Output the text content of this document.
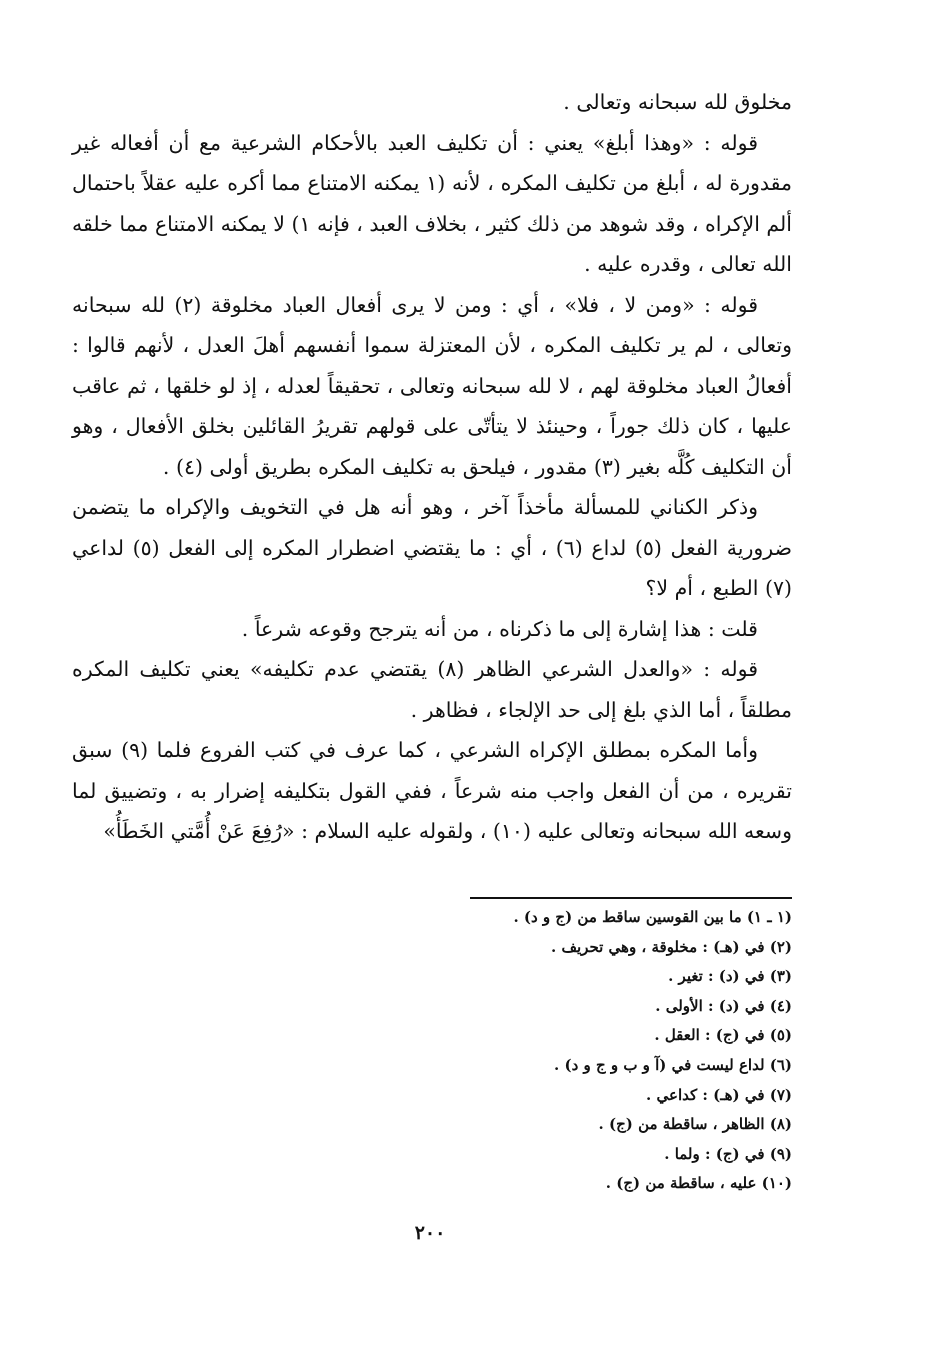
مخلوق لله سبحانه وتعالى .

قوله : «وهذا أبلغ» يعني : أن تكليف العبد بالأحكام الشرعية مع أن أفعاله غير مقدورة له ، أبلغ من تكليف المكره ، لأنه (١ يمكنه الامتناع مما أكره عليه عقلاً باحتمال ألم الإكراه ، وقد شوهد من ذلك كثير ، بخلاف العبد ، فإنه ١) لا يمكنه الامتناع مما خلقه الله تعالى ، وقدره عليه .

قوله : «ومن لا ، فلا» ، أي : ومن لا يرى أفعال العباد مخلوقة (٢) لله سبحانه وتعالى ، لم ير تكليف المكره ، لأن المعتزلة سموا أنفسهم أهلَ العدل ، لأنهم قالوا : أفعالُ العباد مخلوقة لهم ، لا لله سبحانه وتعالى ، تحقيقاً لعدله ، إذ لو خلقها ، ثم عاقب عليها ، كان ذلك جوراً ، وحينئذ لا يتأتّى على قولهم تقريرُ القائلين بخلق الأفعال ، وهو أن التكليف كُلَّه بغير (٣) مقدور ، فيلحق به تكليف المكره بطريق أولى (٤) .

وذكر الكناني للمسألة مأخذاً آخر ، وهو أنه هل في التخويف والإكراه ما يتضمن ضرورية الفعل (٥) لداع (٦) ، أي : ما يقتضي اضطرار المكره إلى الفعل (٥) لداعي (٧) الطبع ، أم لا؟

قلت : هذا إشارة إلى ما ذكرناه ، من أنه يترجح وقوعه شرعاً .

قوله : «والعدل الشرعي الظاهر (٨) يقتضي عدم تكليفه» يعني تكليف المكره مطلقاً ، أما الذي بلغ إلى حد الإلجاء ، فظاهر .

وأما المكره بمطلق الإكراه الشرعي ، كما عرف في كتب الفروع فلما (٩) سبق تقريره ، من أن الفعل واجب منه شرعاً ، ففي القول بتكليفه إضرار به ، وتضييق لما وسعه الله سبحانه وتعالى عليه (١٠) ، ولقوله عليه السلام : «رُفِعَ عَنْ أُمَّتي الخَطَأُ»

(١ ـ ١) ما بين القوسين ساقط من (ج و د) .
(٢) في (هـ) : مخلوقة ، وهي تحريف .
(٣) في (د) : تغير .
(٤) في (د) : الأولى .
(٥) في (ج) : العقل .
(٦) لداع ليست في (آ و ب و ج و د) .
(٧) في (هـ) : كداعي .
(٨) الظاهر ، ساقطة من (ج) .
(٩) في (ج) : ولما .
(١٠) عليه ، ساقطة من (ج) .
٢٠٠
